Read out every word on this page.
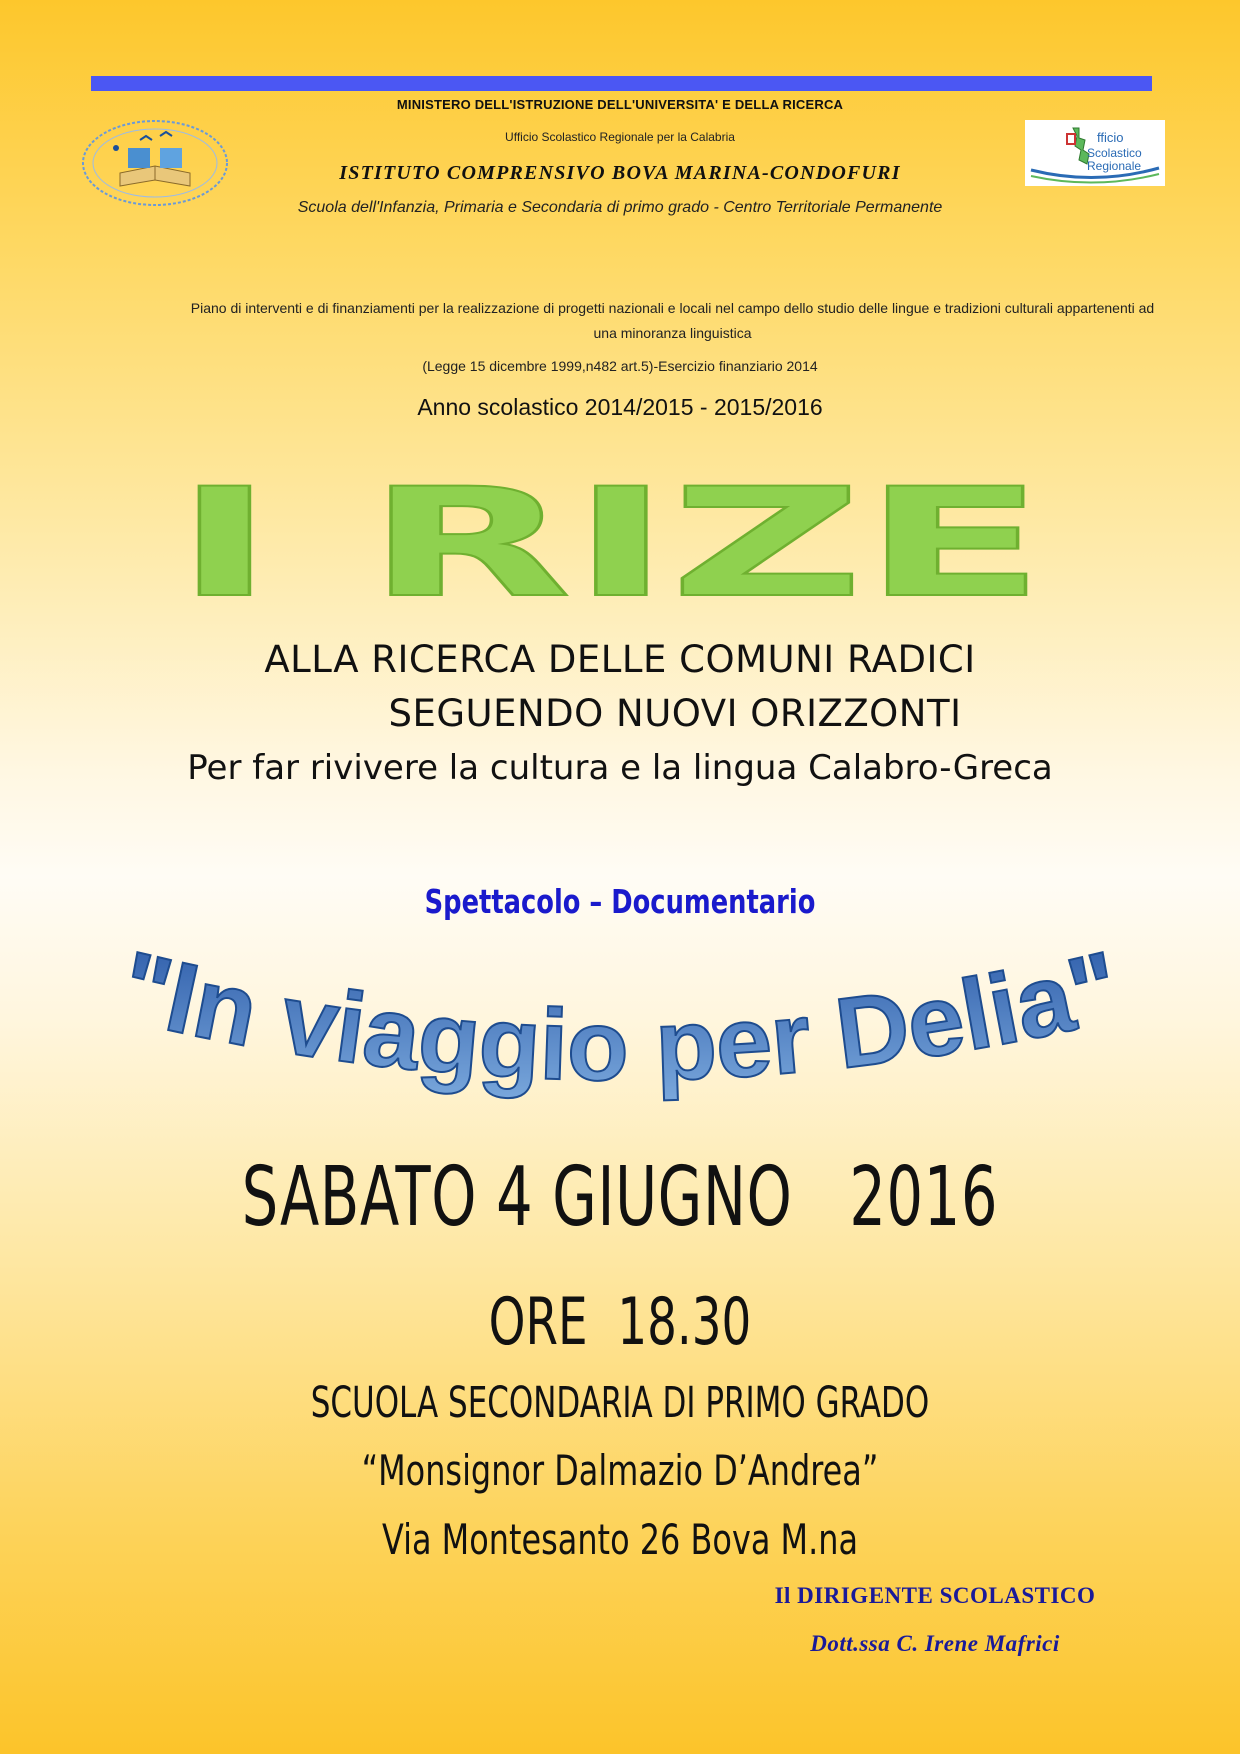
fficio
Scolastico
Regionale
MINISTERO DELL'ISTRUZIONE DELL'UNIVERSITA' E DELLA RICERCA
Ufficio Scolastico Regionale per la Calabria
ISTITUTO COMPRENSIVO BOVA MARINA-CONDOFURI
Scuola dell'Infanzia, Primaria e Secondaria di primo grado - Centro Territoriale Permanente
Piano di interventi e di finanziamenti per la realizzazione di progetti nazionali e locali nel campo dello studio delle lingue e tradizioni culturali appartenenti ad una minoranza linguistica
(Legge 15 dicembre 1999,n482 art.5)-Esercizio finanziario 2014
Anno scolastico 2014/2015 - 2015/2016
I RIZE
ALLA RICERCA DELLE COMUNI RADICI
SEGUENDO NUOVI ORIZZONTI
Per far rivivere la cultura e la lingua Calabro-Greca
Spettacolo – Documentario
"In viaggio per Delia"
SABATO 4 GIUGNO   2016
ORE  18.30
SCUOLA SECONDARIA DI PRIMO GRADO
“Monsignor Dalmazio D’Andrea”
Via Montesanto 26 Bova M.na
Il DIRIGENTE SCOLASTICO
Dott.ssa C. Irene Mafrici
